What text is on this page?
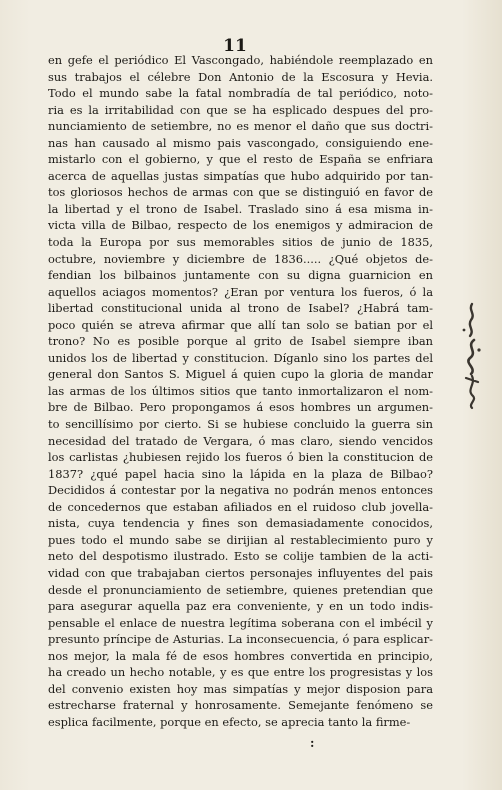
11
en gefe el periódico El Vascongado, habiéndole reemplazado en
sus trabajos el célebre Don Antonio de la Escosura y Hevia.
Todo el mundo sabe la fatal nombradía de tal periódico, noto-
ria es la irritabilidad con que se ha esplicado despues del pro-
nunciamiento de setiembre, no es menor el daño que sus doctri-
nas han causado al mismo pais vascongado, consiguiendo ene-
mistarlo con el gobierno, y que el resto de España se enfriara
acerca de aquellas justas simpatías que hubo adquirido por tan-
tos gloriosos hechos de armas con que se distinguió en favor de
la libertad y el trono de Isabel. Traslado sino á esa misma in-
victa villa de Bilbao, respecto de los enemigos y admiracion de
toda la Europa por sus memorables sitios de junio de 1835,
octubre, noviembre y diciembre de 1836..... ¿Qué objetos de-
fendian los bilbainos juntamente con su digna guarnicion en
aquellos aciagos momentos? ¿Eran por ventura los fueros, ó la
libertad constitucional unida al trono de Isabel? ¿Habrá tam-
poco quién se atreva afirmar que allí tan solo se batian por el
trono? No es posible porque al grito de Isabel siempre iban
unidos los de libertad y constitucion. Díganlo sino los partes del
general don Santos S. Miguel á quien cupo la gloria de mandar
las armas de los últimos sitios que tanto inmortalizaron el nom-
bre de Bilbao. Pero propongamos á esos hombres un argumen-
to sencillísimo por cierto. Si se hubiese concluido la guerra sin
necesidad del tratado de Vergara, ó mas claro, siendo vencidos
los carlistas ¿hubiesen rejido los fueros ó bien la constitucion de
1837? ¿qué papel hacia sino la lápida en la plaza de Bilbao?
Decididos á contestar por la negativa no podrán menos entonces
de concedernos que estaban afiliados en el ruidoso club jovella-
nista, cuya tendencia y fines son demasiadamente conocidos,
pues todo el mundo sabe se dirijian al restablecimiento puro y
neto del despotismo ilustrado. Esto se colije tambien de la acti-
vidad con que trabajaban ciertos personajes influyentes del pais
desde el pronunciamiento de setiembre, quienes pretendian que
para asegurar aquella paz era conveniente, y en un todo indis-
pensable el enlace de nuestra legítima soberana con el imbécil y
presunto príncipe de Asturias. La inconsecuencia, ó para esplicar-
nos mejor, la mala fé de esos hombres convertida en principio,
ha creado un hecho notable, y es que entre los progresistas y los
del convenio existen hoy mas simpatías y mejor disposion para
estrecharse fraternal y honrosamente. Semejante fenómeno se
esplica facilmente, porque en efecto, se aprecia tanto la firme-
:
